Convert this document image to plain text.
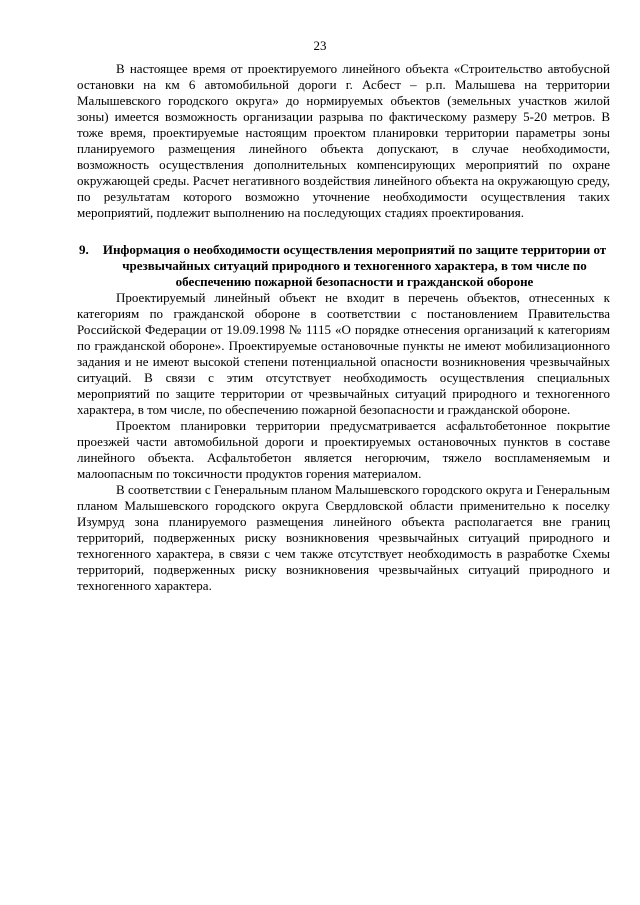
23

В настоящее время от проектируемого линейного объекта «Строительство автобусной остановки на км 6 автомобильной дороги г. Асбест – р.п. Малышева на территории Малышевского городского округа» до нормируемых объектов (земельных участков жилой зоны) имеется возможность организации разрыва по фактическому размеру 5-20 метров. В тоже время, проектируемые настоящим проектом планировки территории параметры зоны планируемого размещения линейного объекта допускают, в случае необходимости, возможность осуществления дополнительных компенсирующих мероприятий по охране окружающей среды. Расчет негативного воздействия линейного объекта на окружающую среду, по результатам которого возможно уточнение необходимости осуществления таких мероприятий, подлежит выполнению на последующих стадиях проектирования.

9. Информация о необходимости осуществления мероприятий по защите территории от чрезвычайных ситуаций природного и техногенного характера, в том числе по обеспечению пожарной безопасности и гражданской обороне

Проектируемый линейный объект не входит в перечень объектов, отнесенных к категориям по гражданской обороне в соответствии с постановлением Правительства Российской Федерации от 19.09.1998 № 1115 «О порядке отнесения организаций к категориям по гражданской обороне». Проектируемые остановочные пункты не имеют мобилизационного задания и не имеют высокой степени потенциальной опасности возникновения чрезвычайных ситуаций. В связи с этим отсутствует необходимость осуществления специальных мероприятий по защите территории от чрезвычайных ситуаций природного и техногенного характера, в том числе, по обеспечению пожарной безопасности и гражданской обороне.

Проектом планировки территории предусматривается асфальтобетонное покрытие проезжей части автомобильной дороги и проектируемых остановочных пунктов в составе линейного объекта. Асфальтобетон является негорючим, тяжело воспламеняемым и малоопасным по токсичности продуктов горения материалом.

В соответствии с Генеральным планом Малышевского городского округа и Генеральным планом Малышевского городского округа Свердловской области применительно к поселку Изумруд зона планируемого размещения линейного объекта располагается вне границ территорий, подверженных риску возникновения чрезвычайных ситуаций природного и техногенного характера, в связи с чем также отсутствует необходимость в разработке Схемы территорий, подверженных риску возникновения чрезвычайных ситуаций природного и техногенного характера.
